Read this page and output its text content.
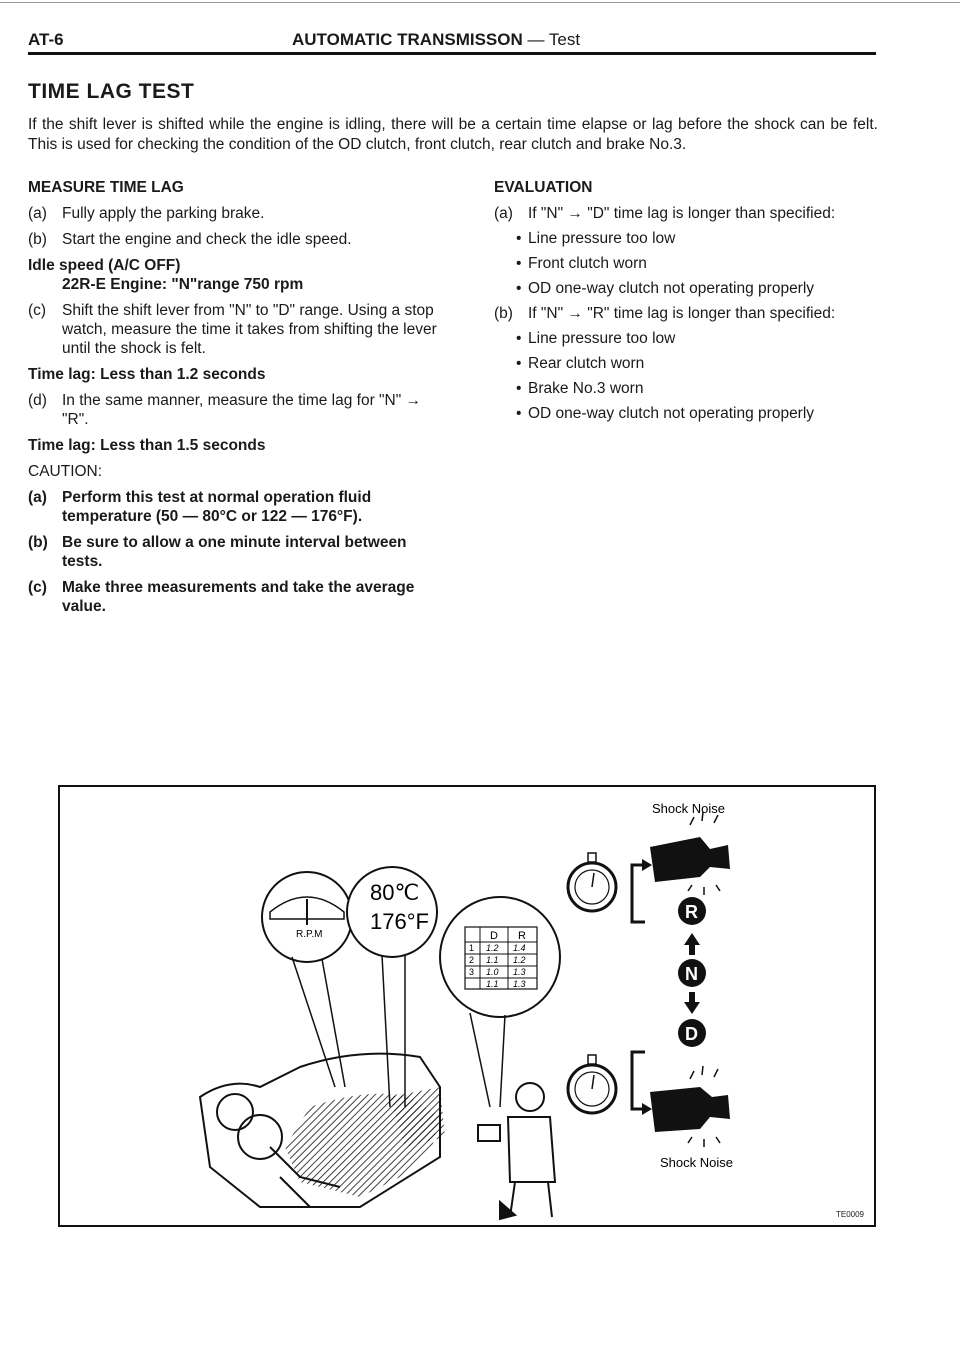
AT-6	AUTOMATIC TRANSMISSON — Test
TIME LAG TEST
If the shift lever is shifted while the engine is idling, there will be a certain time elapse or lag before the shock can be felt. This is used for checking the condition of the OD clutch, front clutch, rear clutch and brake No.3.

MEASURE TIME LAG

(a) Fully apply the parking brake.
(b) Start the engine and check the idle speed.

Idle speed (A/C OFF)

22R-E Engine: "N"range 750 rpm

(c) Shift the shift lever from "N" to "D" range. Using a stop watch, measure the time it takes from shifting the lever until the shock is felt.

Time lag: Less than 1.2 seconds

(d) In the same manner, measure the time lag for "N" → "R".

Time lag: Less than 1.5 seconds

CAUTION:

(a) Perform this test at normal operation fluid temperature (50 — 80°C or 122 — 176°F).
(b) Be sure to allow a one minute interval between tests.
(c) Make three measurements and take the average value.

EVALUATION

(a) If "N" → "D" time lag is longer than specified:
• Line pressure too low
• Front clutch worn
• OD one-way clutch not operating properly
(b) If "N" → "R" time lag is longer than specified:
• Line pressure too low
• Rear clutch worn
• Brake No.3 worn
• OD one-way clutch not operating properly
R.P.M
80℃
176°F
D R
1 1.2 1.4
2 1.1 1.2
3 1.0 1.3
1.1 1.3
Shock Noise
Shock Noise
R
N
D
TE0009
